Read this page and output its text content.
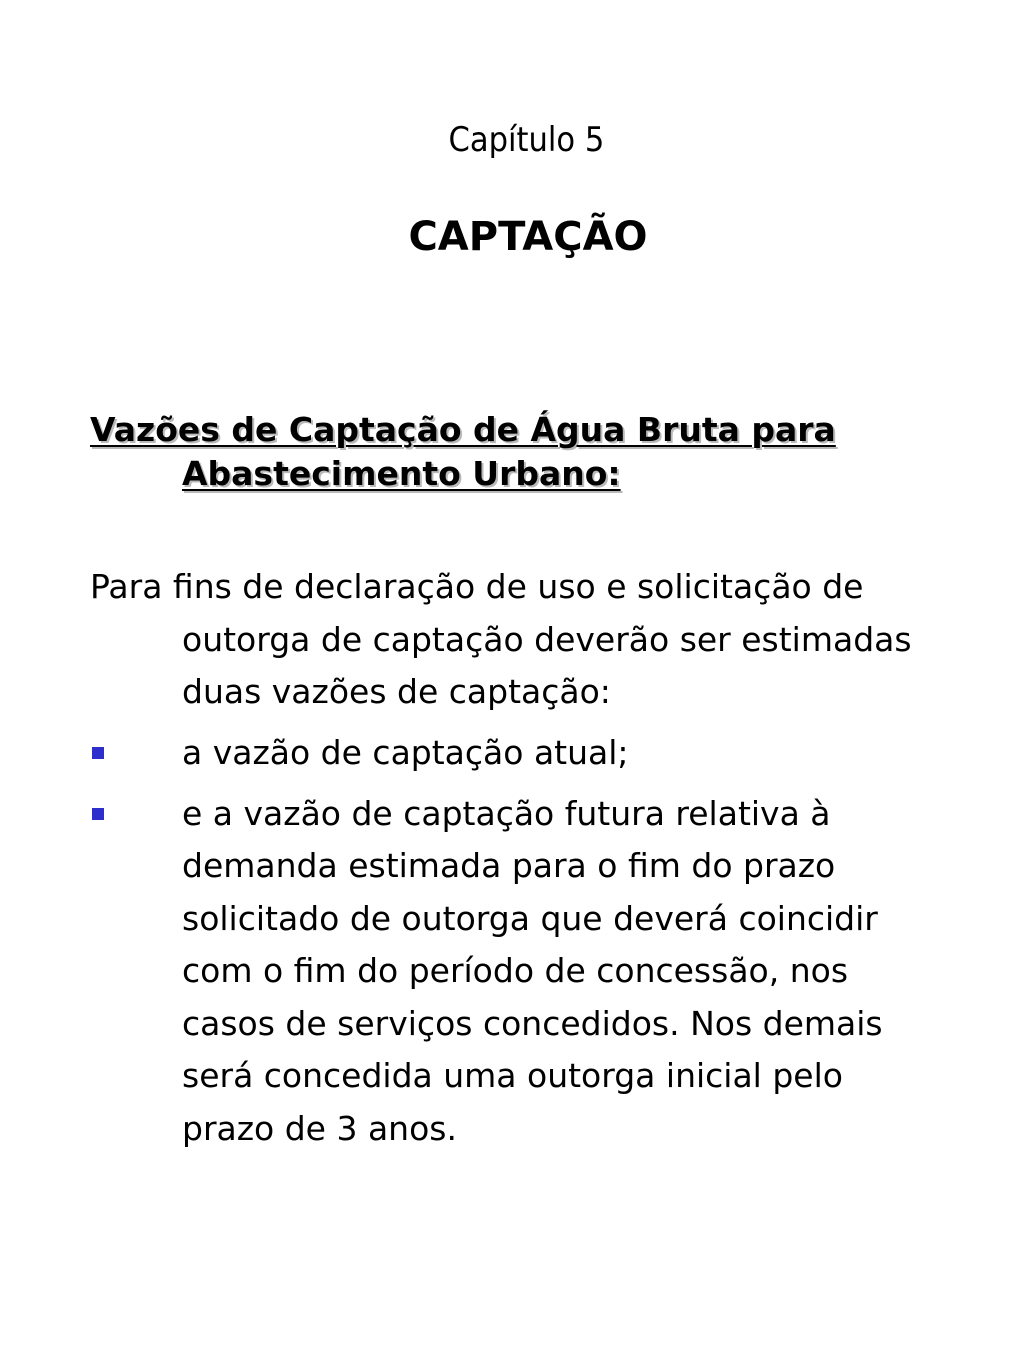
Capítulo 5
CAPTAÇÃO
Vazões de Captação de Água Bruta para
Abastecimento Urbano:
Para fins de declaração de uso e solicitação de
outorga de captação deverão ser estimadas
duas vazões de captação:
a vazão de captação atual;
e a vazão de captação futura relativa à
demanda estimada para o fim do prazo
solicitado de outorga que deverá coincidir
com o fim do período de concessão, nos
casos de serviços concedidos. Nos demais
será concedida uma outorga inicial pelo
prazo de 3 anos.
